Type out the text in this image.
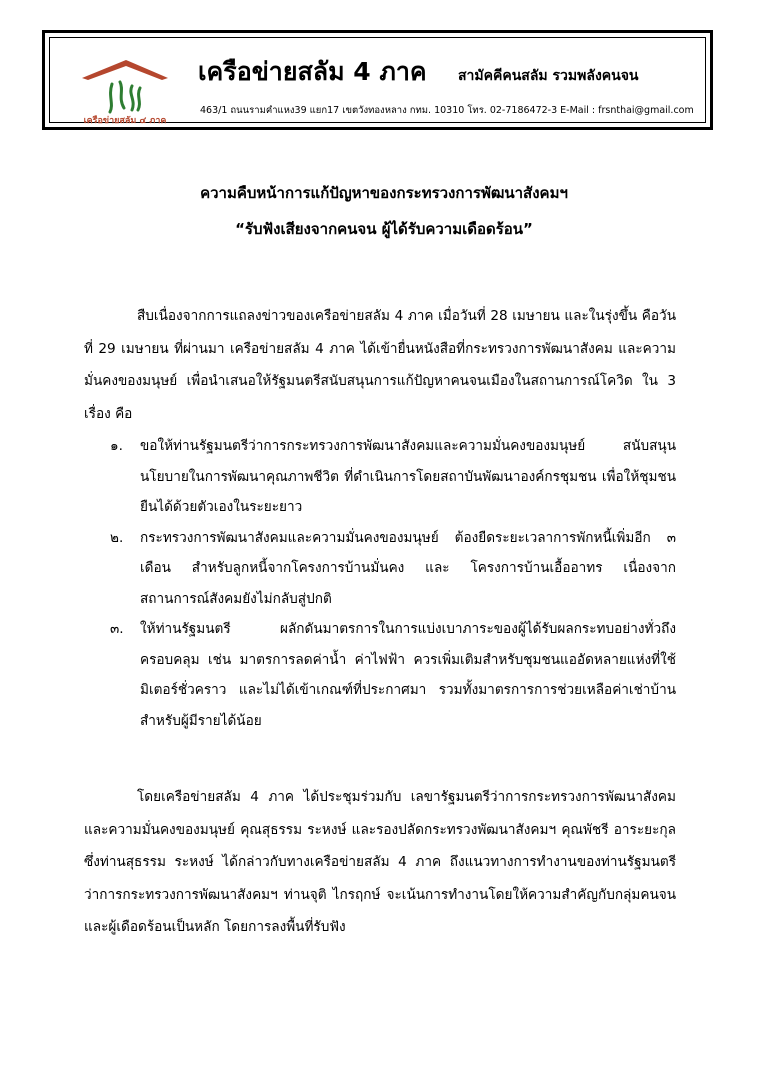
เครือข่ายสลัม ๔ ภาค
เครือข่ายสลัม 4 ภาค สามัคคีคนสลัม รวมพลังคนจน
463/1 ถนนรามคำแหง39 แยก17 เขตวังทองหลาง กทม. 10310 โทร. 02-7186472-3 E-Mail : frsnthai@gmail.com
ความคืบหน้าการแก้ปัญหาของกระทรวงการพัฒนาสังคมฯ
“รับฟังเสียงจากคนจน ผู้ได้รับความเดือดร้อน”

สืบเนื่องจากการแถลงข่าวของเครือข่ายสลัม 4 ภาค เมื่อวันที่ 28 เมษายน และในรุ่งขึ้น คือวันที่ 29 เมษายน ที่ผ่านมา เครือข่ายสลัม 4 ภาค ได้เข้ายื่นหนังสือที่กระทรวงการพัฒนาสังคม และความมั่นคงของมนุษย์ เพื่อนำเสนอให้รัฐมนตรีสนับสนุนการแก้ปัญหาคนจนเมืองในสถานการณ์โควิด ใน 3 เรื่อง คือ

๑. ขอให้ท่านรัฐมนตรีว่าการกระทรวงการพัฒนาสังคมและความมั่นคงของมนุษย์ สนับสนุนนโยบายในการพัฒนาคุณภาพชีวิต ที่ดำเนินการโดยสถาบันพัฒนาองค์กรชุมชน เพื่อให้ชุมชนยืนได้ด้วยตัวเองในระยะยาว
๒. กระทรวงการพัฒนาสังคมและความมั่นคงของมนุษย์ ต้องยืดระยะเวลาการพักหนี้เพิ่มอีก ๓ เดือน สำหรับลูกหนี้จากโครงการบ้านมั่นคง และ โครงการบ้านเอื้ออาทร เนื่องจากสถานการณ์สังคมยังไม่กลับสู่ปกติ
๓. ให้ท่านรัฐมนตรี ผลักดันมาตรการในการแบ่งเบาภาระของผู้ได้รับผลกระทบอย่างทั่วถึง ครอบคลุม เช่น มาตรการลดค่าน้ำ ค่าไฟฟ้า ควรเพิ่มเติมสำหรับชุมชนแออัดหลายแห่งที่ใช้มิเตอร์ชั่วคราว และไม่ได้เข้าเกณฑ์ที่ประกาศมา รวมทั้งมาตรการการช่วยเหลือค่าเช่าบ้านสำหรับผู้มีรายได้น้อย

โดยเครือข่ายสลัม 4 ภาค ได้ประชุมร่วมกับ เลขารัฐมนตรีว่าการกระทรวงการพัฒนาสังคม และความมั่นคงของมนุษย์ คุณสุธรรม ระหงษ์ และรองปลัดกระทรวงพัฒนาสังคมฯ คุณพัชรี อาระยะกุล ซึ่งท่านสุธรรม ระหงษ์ ได้กล่าวกับทางเครือข่ายสลัม 4 ภาค ถึงแนวทางการทำงานของท่านรัฐมนตรีว่าการกระทรวงการพัฒนาสังคมฯ ท่านจุติ ไกรฤกษ์ จะเน้นการทำงานโดยให้ความสำคัญกับกลุ่มคนจน และผู้เดือดร้อนเป็นหลัก โดยการลงพื้นที่รับฟัง
